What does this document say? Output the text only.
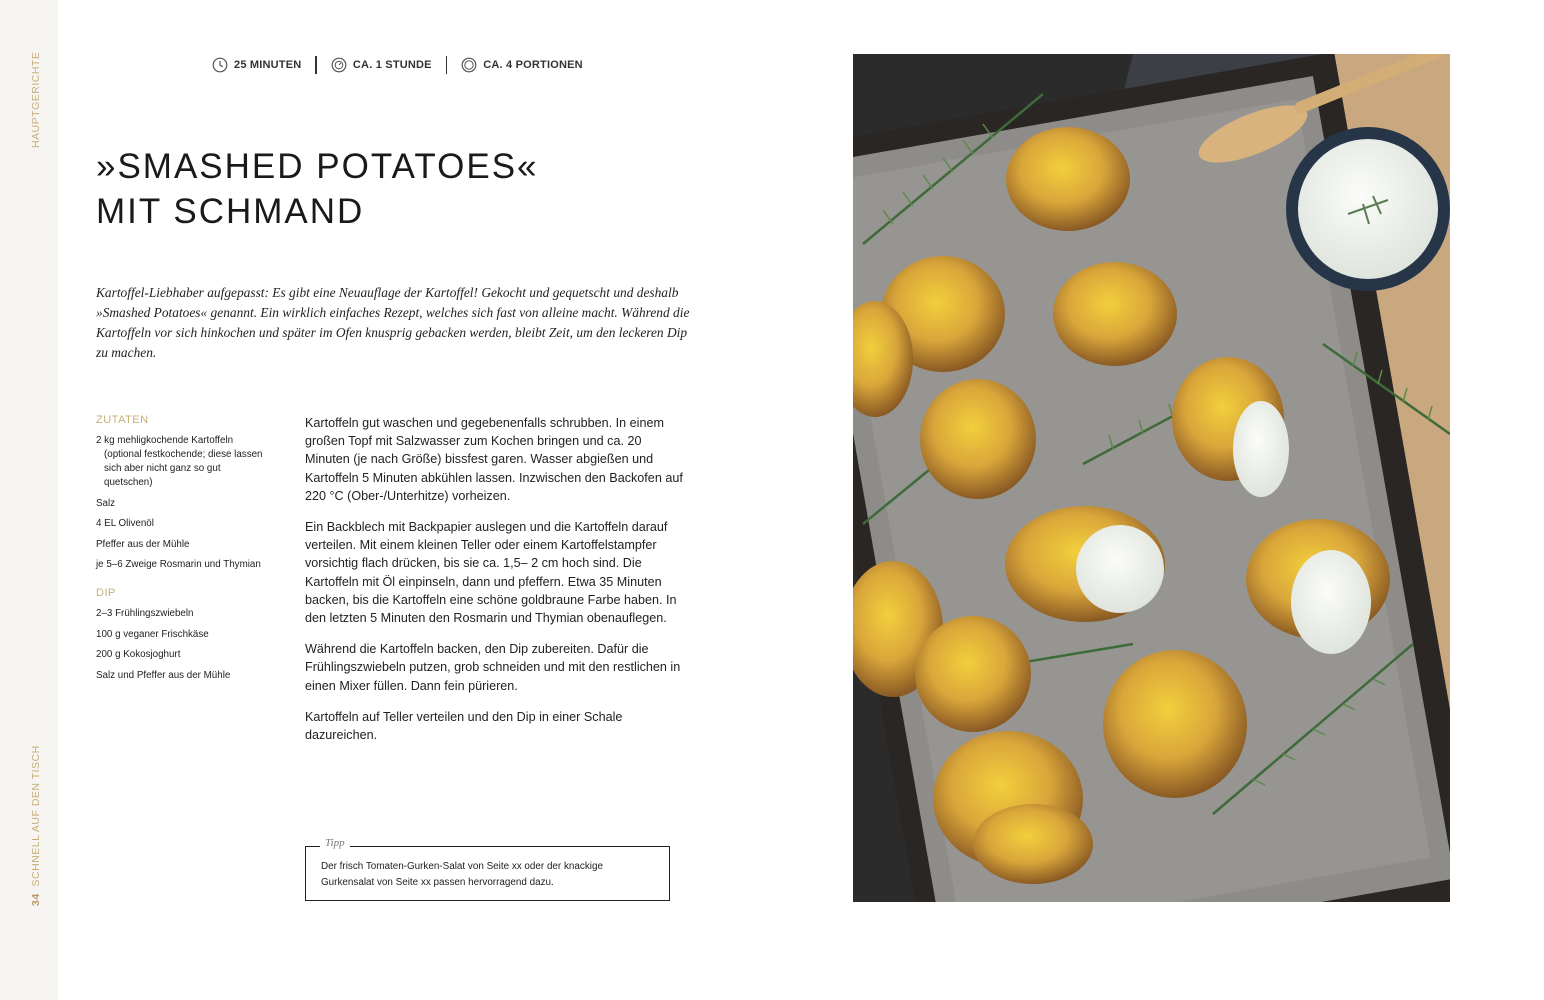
HAUPTGERICHTE
34  SCHNELL AUF DEN TISCH
25 MINUTEN	CA. 1 STUNDE	CA. 4 PORTIONEN
»SMASHED POTATOES«
MIT SCHMAND

Kartoffel-Liebhaber aufgepasst: Es gibt eine Neuauflage der Kartoffel! Gekocht und gequetscht und deshalb »Smashed Potatoes« genannt. Ein wirklich einfaches Rezept, welches sich fast von alleine macht. Während die Kartoffeln vor sich hinkochen und später im Ofen knusprig gebacken werden, bleibt Zeit, um den leckeren Dip zu machen.

ZUTATEN
2 kg mehligkochende Kartoffeln (optional festkochende; diese lassen sich aber nicht ganz so gut quetschen)
Salz
4 EL Olivenöl
Pfeffer aus der Mühle
je 5–6 Zweige Rosmarin und Thymian
DIP
2–3 Frühlingszwiebeln
100 g veganer Frischkäse
200 g Kokosjoghurt
Salz und Pfeffer aus der Mühle

Kartoffeln gut waschen und gegebenenfalls schrubben. In einem großen Topf mit Salzwasser zum Kochen bringen und ca. 20 Minuten (je nach Größe) bissfest garen. Wasser abgießen und Kartoffeln 5 Minuten abkühlen lassen. Inzwischen den Backofen auf 220 °C (Ober-/Unterhitze) vorheizen.

Ein Backblech mit Backpapier auslegen und die Kartoffeln darauf verteilen. Mit einem kleinen Teller oder einem Kartoffelstampfer vorsichtig flach drücken, bis sie ca. 1,5– 2 cm hoch sind. Die Kartoffeln mit Öl einpinseln, dann und pfeffern. Etwa 35 Minuten backen, bis die Kartoffeln eine schöne goldbraune Farbe haben. In den letzten 5 Minuten den Rosmarin und Thymian obenauflegen.

Während die Kartoffeln backen, den Dip zubereiten. Dafür die Frühlingszwiebeln putzen, grob schneiden und mit den restlichen in einen Mixer füllen. Dann fein pürieren.

Kartoffeln auf Teller verteilen und den Dip in einer Schale dazureichen.

Tipp
Der frisch Tomaten-Gurken-Salat von Seite xx oder der knackige Gurkensalat von Seite xx passen hervorragend dazu.
